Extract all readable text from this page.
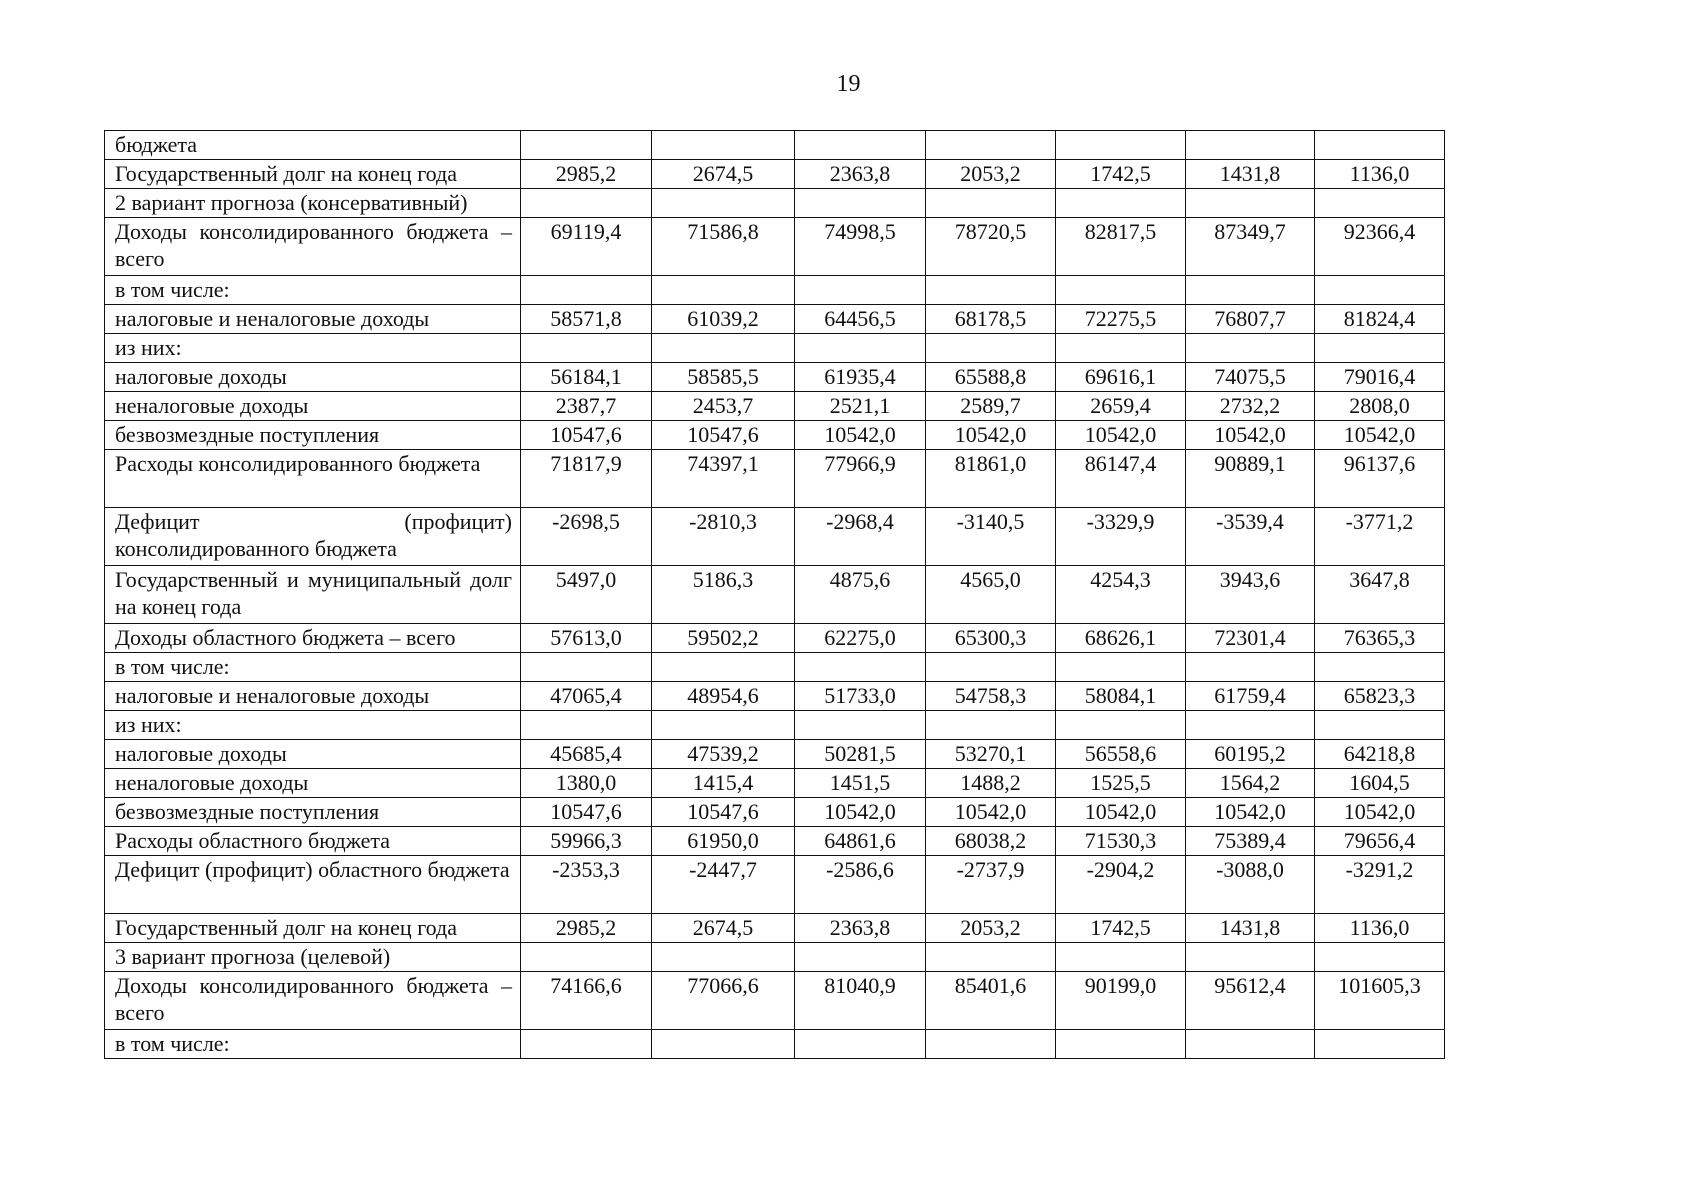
19
бюджета							
Государственный долг на конец года	2985,2	2674,5	2363,8	2053,2	1742,5	1431,8	1136,0
2 вариант прогноза (консервативный)							
Доходы консолидированного бюджета – всего	69119,4	71586,8	74998,5	78720,5	82817,5	87349,7	92366,4
в том числе:							
налоговые и неналоговые доходы	58571,8	61039,2	64456,5	68178,5	72275,5	76807,7	81824,4
из них:							
налоговые доходы	56184,1	58585,5	61935,4	65588,8	69616,1	74075,5	79016,4
неналоговые доходы	2387,7	2453,7	2521,1	2589,7	2659,4	2732,2	2808,0
безвозмездные поступления	10547,6	10547,6	10542,0	10542,0	10542,0	10542,0	10542,0
Расходы консолидированного бюджета	71817,9	74397,1	77966,9	81861,0	86147,4	90889,1	96137,6
Дефицит (профицит) консолидированного бюджета	-2698,5	-2810,3	-2968,4	-3140,5	-3329,9	-3539,4	-3771,2
Государственный и муниципальный долг на конец года	5497,0	5186,3	4875,6	4565,0	4254,3	3943,6	3647,8
Доходы областного бюджета – всего	57613,0	59502,2	62275,0	65300,3	68626,1	72301,4	76365,3
в том числе:							
налоговые и неналоговые доходы	47065,4	48954,6	51733,0	54758,3	58084,1	61759,4	65823,3
из них:							
налоговые доходы	45685,4	47539,2	50281,5	53270,1	56558,6	60195,2	64218,8
неналоговые доходы	1380,0	1415,4	1451,5	1488,2	1525,5	1564,2	1604,5
безвозмездные поступления	10547,6	10547,6	10542,0	10542,0	10542,0	10542,0	10542,0
Расходы областного бюджета	59966,3	61950,0	64861,6	68038,2	71530,3	75389,4	79656,4
Дефицит (профицит) областного бюджета	-2353,3	-2447,7	-2586,6	-2737,9	-2904,2	-3088,0	-3291,2
Государственный долг на конец года	2985,2	2674,5	2363,8	2053,2	1742,5	1431,8	1136,0
3 вариант прогноза (целевой)							
Доходы консолидированного бюджета – всего	74166,6	77066,6	81040,9	85401,6	90199,0	95612,4	101605,3
в том числе:							
